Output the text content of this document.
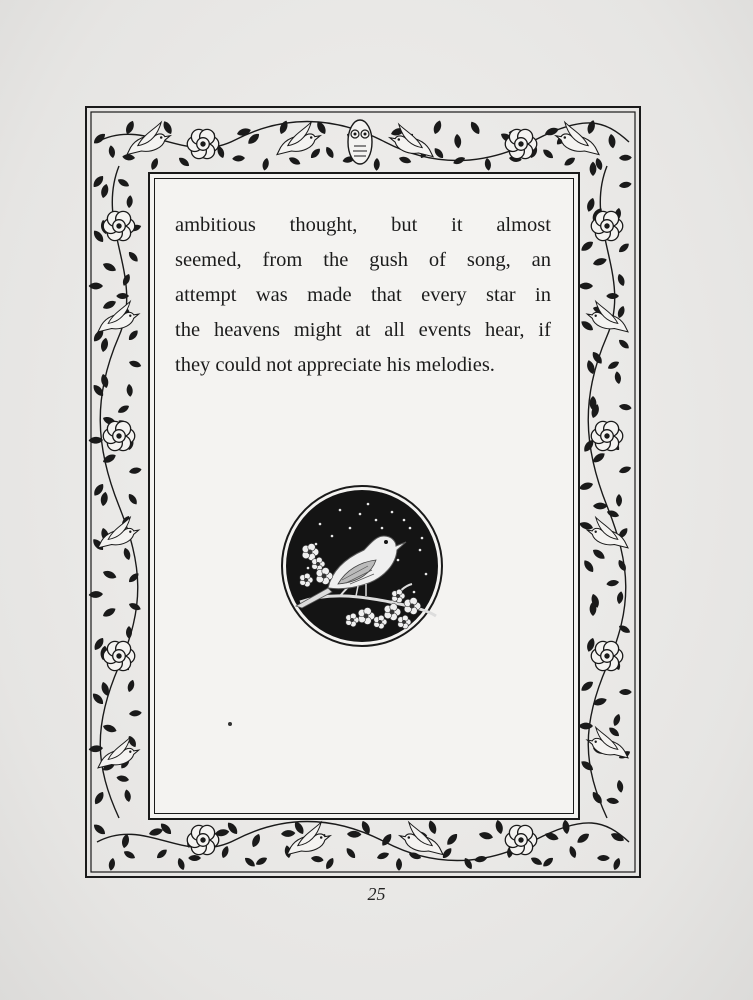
ambitious thought, but it almost
seemed, from the gush of song, an
attempt was made that every star in
the heavens might at all events hear, if
they could not appreciate his melodies.
25
